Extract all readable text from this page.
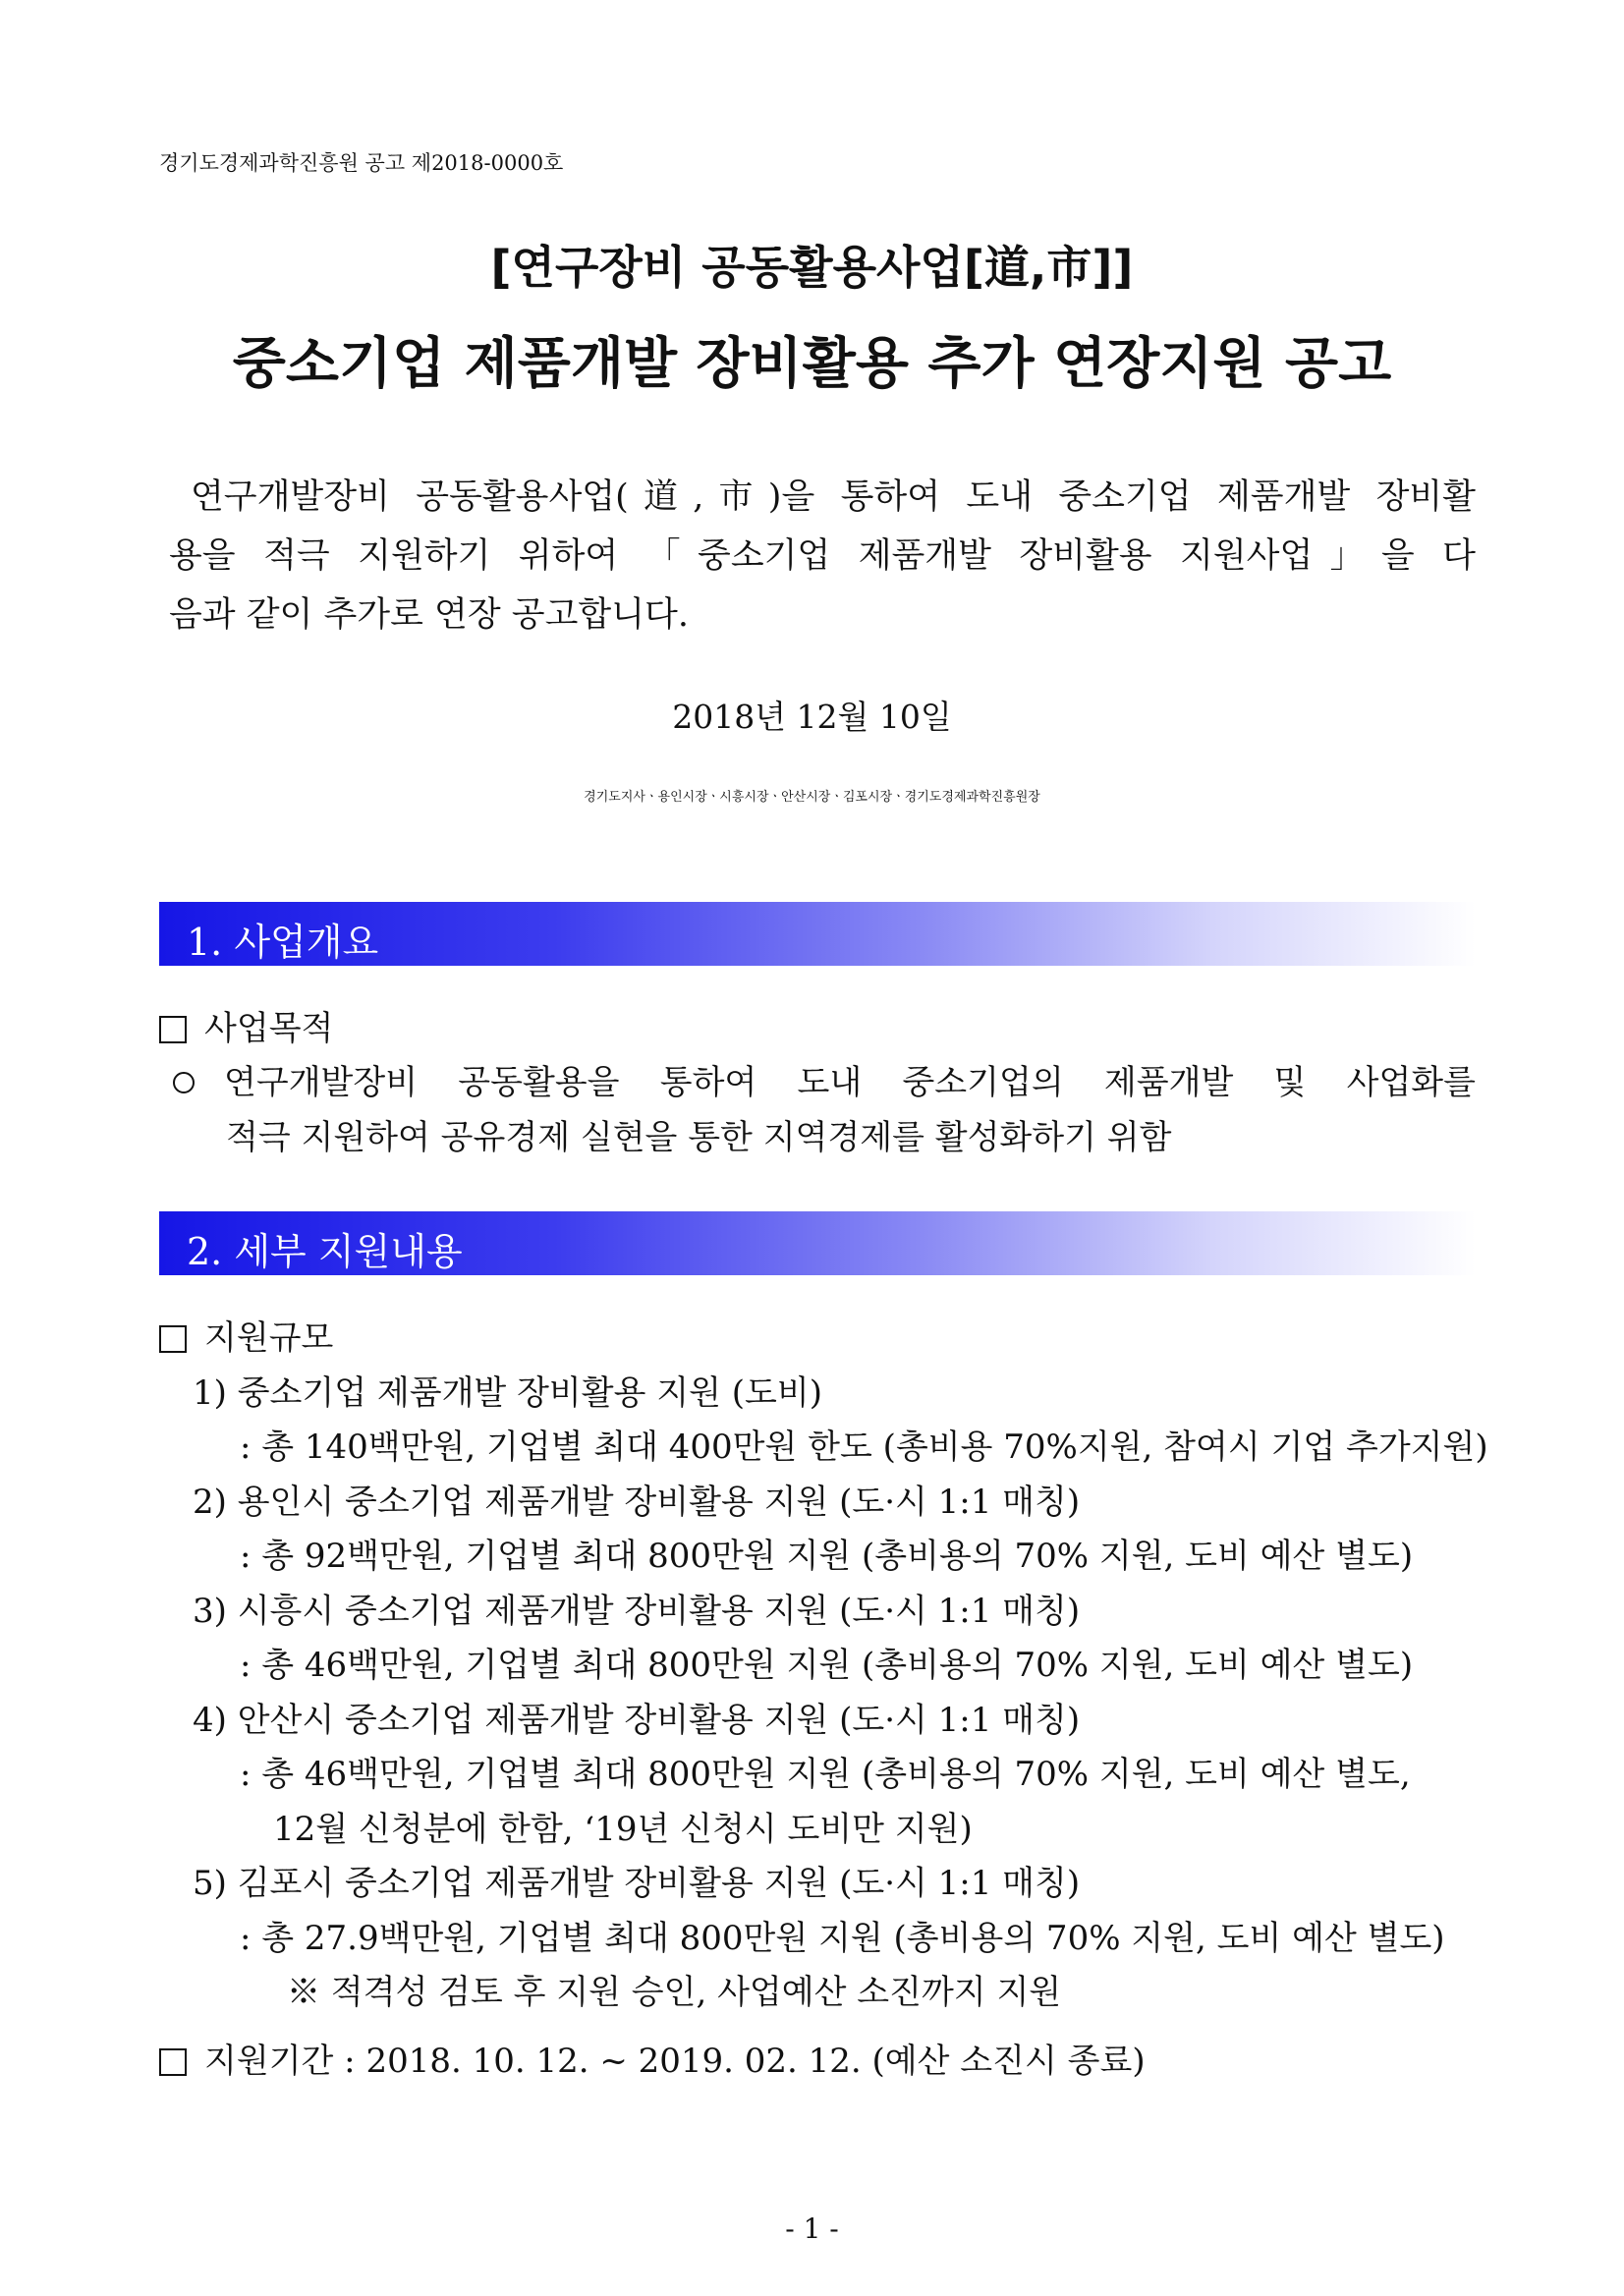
경기도경제과학진흥원 공고 제2018-0000호
[연구장비 공동활용사업[道,市]]
중소기업 제품개발 장비활용 추가 연장지원 공고
연구개발장비 공동활용사업(道,市)을 통하여 도내 중소기업 제품개발 장비활
용을 적극 지원하기 위하여 「중소기업 제품개발 장비활용 지원사업」을 다
음과 같이 추가로 연장 공고합니다.
2018년 12월 10일
경기도지사ㆍ용인시장ㆍ시흥시장ㆍ안산시장ㆍ김포시장ㆍ경기도경제과학진흥원장
1. 사업개요
사업목적
연구개발장비 공동활용을 통하여 도내 중소기업의 제품개발 및 사업화를
적극 지원하여 공유경제 실현을 통한 지역경제를 활성화하기 위함
2. 세부 지원내용
지원규모
1) 중소기업 제품개발 장비활용 지원 (도비)
: 총 140백만원, 기업별 최대 400만원 한도 (총비용 70%지원, 참여시 기업 추가지원)
2) 용인시 중소기업 제품개발 장비활용 지원 (도·시 1:1 매칭)
: 총 92백만원, 기업별 최대 800만원 지원 (총비용의 70% 지원, 도비 예산 별도)
3) 시흥시 중소기업 제품개발 장비활용 지원 (도·시 1:1 매칭)
: 총 46백만원, 기업별 최대 800만원 지원 (총비용의 70% 지원, 도비 예산 별도)
4) 안산시 중소기업 제품개발 장비활용 지원 (도·시 1:1 매칭)
: 총 46백만원, 기업별 최대 800만원 지원 (총비용의 70% 지원, 도비 예산 별도,
12월 신청분에 한함, ‘19년 신청시 도비만 지원)
5) 김포시 중소기업 제품개발 장비활용 지원 (도·시 1:1 매칭)
: 총 27.9백만원, 기업별 최대 800만원 지원 (총비용의 70% 지원, 도비 예산 별도)
※ 적격성 검토 후 지원 승인, 사업예산 소진까지 지원
지원기간 : 2018. 10. 12. ~ 2019. 02. 12. (예산 소진시 종료)
- 1 -
